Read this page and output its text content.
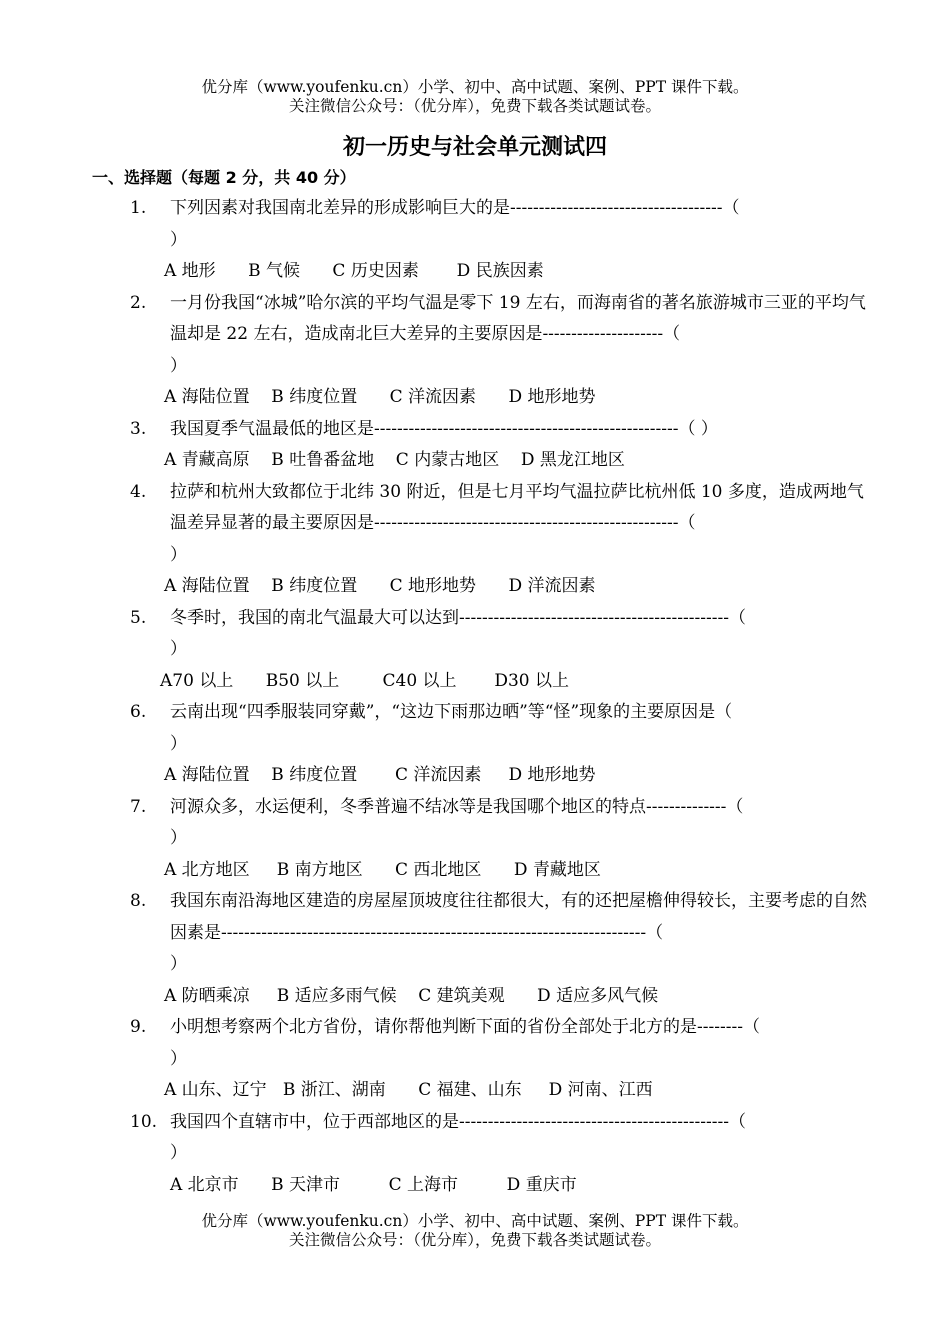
优分库（www.youfenku.cn）小学、初中、高中试题、案例、PPT 课件下载。
关注微信公众号：（优分库），免费下载各类试题试卷。
初一历史与社会单元测试四
一、选择题（每题 2 分，共 40 分）
1. 下列因素对我国南北差异的形成影响巨大的是-------------------------------------（
）
A 地形      B 气候      C 历史因素       D 民族因素
2. 一月份我国“冰城”哈尔滨的平均气温是零下 19 左右，而海南省的著名旅游城市三亚的平均气温却是 22 左右，造成南北巨大差异的主要原因是---------------------（
）
A 海陆位置    B 纬度位置      C 洋流因素      D 地形地势
3. 我国夏季气温最低的地区是-----------------------------------------------------（ ）
A 青藏高原    B 吐鲁番盆地    C 内蒙古地区    D 黑龙江地区
4. 拉萨和杭州大致都位于北纬 30 附近，但是七月平均气温拉萨比杭州低 10 多度，造成两地气温差异显著的最主要原因是-----------------------------------------------------（
）
A 海陆位置    B 纬度位置      C 地形地势      D 洋流因素
5. 冬季时，我国的南北气温最大可以达到-----------------------------------------------（
）
A70 以上      B50 以上        C40 以上       D30 以上
6. 云南出现“四季服装同穿戴”，“这边下雨那边晒”等“怪”现象的主要原因是（
）
A 海陆位置    B 纬度位置       C 洋流因素     D 地形地势
7. 河源众多，水运便利，冬季普遍不结冰等是我国哪个地区的特点--------------（
）
A 北方地区     B 南方地区      C 西北地区      D 青藏地区
8. 我国东南沿海地区建造的房屋屋顶坡度往往都很大，有的还把屋檐伸得较长，主要考虑的自然因素是--------------------------------------------------------------------------（
）
A 防晒乘凉     B 适应多雨气候    C 建筑美观      D 适应多风气候
9. 小明想考察两个北方省份，请你帮他判断下面的省份全部处于北方的是--------（
）
A 山东、辽宁   B 浙江、湖南      C 福建、山东     D 河南、江西
10. 我国四个直辖市中，位于西部地区的是-----------------------------------------------（
）
A 北京市      B 天津市         C 上海市         D 重庆市
优分库（www.youfenku.cn）小学、初中、高中试题、案例、PPT 课件下载。
关注微信公众号：（优分库），免费下载各类试题试卷。
